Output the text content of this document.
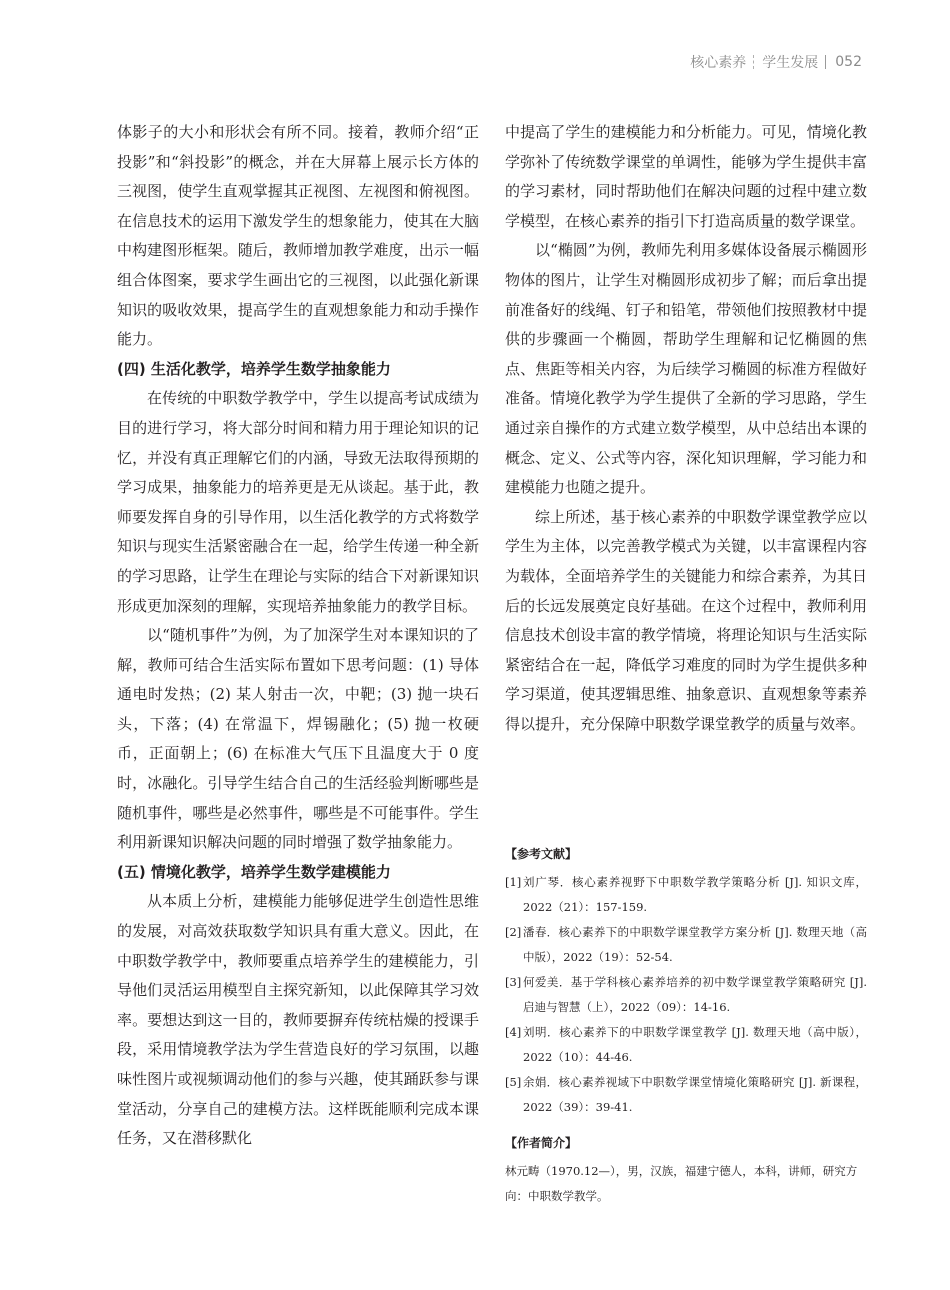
核心素养 学生发展 052

体影子的大小和形状会有所不同。接着，教师介绍“正投影”和“斜投影”的概念，并在大屏幕上展示长方体的三视图，使学生直观掌握其正视图、左视图和俯视图。在信息技术的运用下激发学生的想象能力，使其在大脑中构建图形框架。随后，教师增加教学难度，出示一幅组合体图案，要求学生画出它的三视图，以此强化新课知识的吸收效果，提高学生的直观想象能力和动手操作能力。

(四) 生活化教学，培养学生数学抽象能力

在传统的中职数学教学中，学生以提高考试成绩为目的进行学习，将大部分时间和精力用于理论知识的记忆，并没有真正理解它们的内涵，导致无法取得预期的学习成果，抽象能力的培养更是无从谈起。基于此，教师要发挥自身的引导作用，以生活化教学的方式将数学知识与现实生活紧密融合在一起，给学生传递一种全新的学习思路，让学生在理论与实际的结合下对新课知识形成更加深刻的理解，实现培养抽象能力的教学目标。

以“随机事件”为例，为了加深学生对本课知识的了解，教师可结合生活实际布置如下思考问题：(1) 导体通电时发热；(2) 某人射击一次，中靶；(3) 抛一块石头，下落；(4) 在常温下，焊锡融化；(5) 抛一枚硬币，正面朝上；(6) 在标准大气压下且温度大于 0 度时，冰融化。引导学生结合自己的生活经验判断哪些是随机事件，哪些是必然事件，哪些是不可能事件。学生利用新课知识解决问题的同时增强了数学抽象能力。

(五) 情境化教学，培养学生数学建模能力

从本质上分析，建模能力能够促进学生创造性思维的发展，对高效获取数学知识具有重大意义。因此，在中职数学教学中，教师要重点培养学生的建模能力，引导他们灵活运用模型自主探究新知，以此保障其学习效率。要想达到这一目的，教师要摒弃传统枯燥的授课手段，采用情境教学法为学生营造良好的学习氛围，以趣味性图片或视频调动他们的参与兴趣，使其踊跃参与课堂活动，分享自己的建模方法。这样既能顺利完成本课任务，又在潜移默化

中提高了学生的建模能力和分析能力。可见，情境化教学弥补了传统数学课堂的单调性，能够为学生提供丰富的学习素材，同时帮助他们在解决问题的过程中建立数学模型，在核心素养的指引下打造高质量的数学课堂。

以“椭圆”为例，教师先利用多媒体设备展示椭圆形物体的图片，让学生对椭圆形成初步了解；而后拿出提前准备好的线绳、钉子和铅笔，带领他们按照教材中提供的步骤画一个椭圆，帮助学生理解和记忆椭圆的焦点、焦距等相关内容，为后续学习椭圆的标准方程做好准备。情境化教学为学生提供了全新的学习思路，学生通过亲自操作的方式建立数学模型，从中总结出本课的概念、定义、公式等内容，深化知识理解，学习能力和建模能力也随之提升。

综上所述，基于核心素养的中职数学课堂教学应以学生为主体，以完善教学模式为关键，以丰富课程内容为载体，全面培养学生的关键能力和综合素养，为其日后的长远发展奠定良好基础。在这个过程中，教师利用信息技术创设丰富的教学情境，将理论知识与生活实际紧密结合在一起，降低学习难度的同时为学生提供多种学习渠道，使其逻辑思维、抽象意识、直观想象等素养得以提升，充分保障中职数学课堂教学的质量与效率。

【参考文献】
[1] 刘广琴．核心素养视野下中职数学教学策略分析 [J]. 知识文库，2022（21）：157-159.
[2] 潘春．核心素养下的中职数学课堂教学方案分析 [J]. 数理天地（高中版），2022（19）：52-54.
[3] 何爱美．基于学科核心素养培养的初中数学课堂教学策略研究 [J]. 启迪与智慧（上），2022（09）：14-16.
[4] 刘明．核心素养下的中职数学课堂教学 [J]. 数理天地（高中版），2022（10）：44-46.
[5] 余娟．核心素养视域下中职数学课堂情境化策略研究 [J]. 新课程，2022（39）：39-41.
【作者简介】
林元畴（1970.12—），男，汉族，福建宁德人，本科，讲师，研究方向：中职数学教学。
